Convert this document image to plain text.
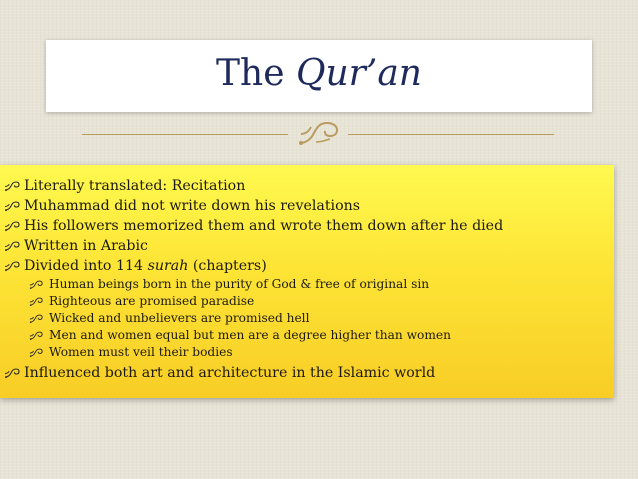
The Qur’an
Literally translated: Recitation
Muhammad did not write down his revelations
His followers memorized them and wrote them down after he died
Written in Arabic
Divided into 114 surah (chapters)
Human beings born in the purity of God & free of original sin
Righteous are promised paradise
Wicked and unbelievers are promised hell
Men and women equal but men are a degree higher than women
Women must veil their bodies
Influenced both art and architecture in the Islamic world
